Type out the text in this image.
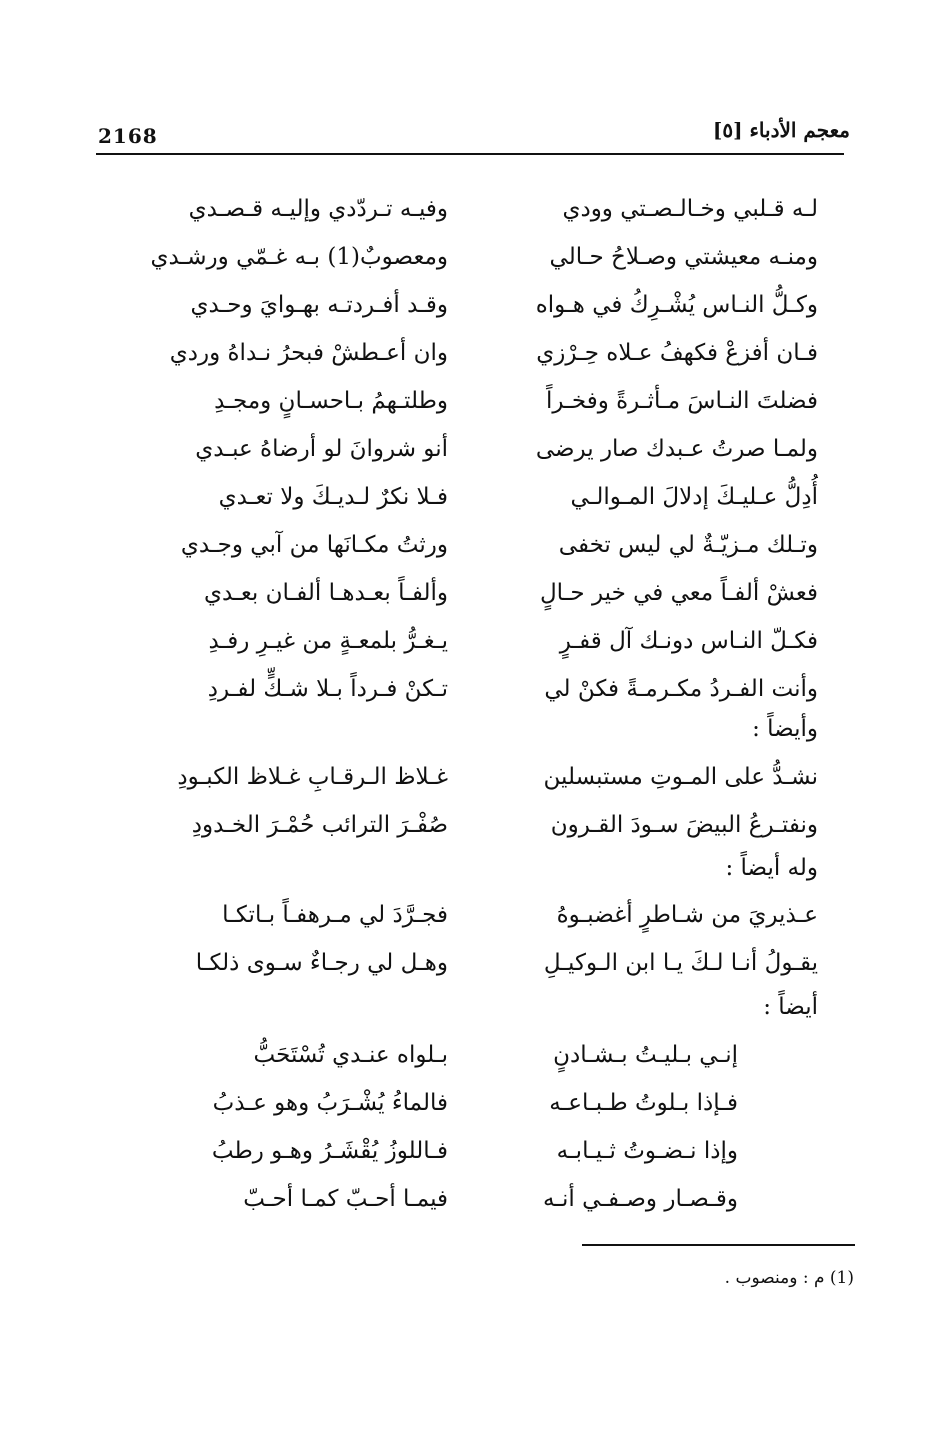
معجم الأدباء [٥]
2168
لـه قـلبي وخـالـصـتي وودي
وفيـه تـردّدي وإليـه قـصـدي
ومنـه معيشتي وصـلاحُ حـالي
ومعصوبٌ(1) بـه غـمّي ورشـدي
وكـلُّ النـاس يُشْـرِكُ في هـواه
وقـد أفـردتـه بهـوايَ وحـدي
فـان أفزعْ فكهفُ عـلاه حِـرْزي
وان أعـطشْ فبحرُ نـداهُ وردي
فضلتَ النـاسَ مـأثـرةً وفخـراً
وطلتـهمُ بـاحسـانٍ ومجـدِ
ولمـا صرتُ عـبدك صار يرضى
أنو شروانَ لو أرضاهُ عبـدي
أُدِلُّ عـليـكَ إدلالَ المـوالـي
فـلا نكرٌ لـديـكَ ولا تعـدي
وتـلك مـزيّـةٌ لي ليس تخفى
ورثتُ مكـانَها من آبي وجـدي
فعشْ ألفـاً معي في خير حـالٍ
وألفـاً بعـدهـا ألفـان بعـدي
فكـلّ النـاس دونـك آل قفـرٍ
يـغـرُّ بلمعـةٍ من غيـرِ رفـدِ
وأنت الفـردُ مكـرمـةً فكنْ لي
تـكنْ فـرداً بـلا شـكٍّ لفـردِ
وأيضاً :
نشـدُّ على المـوتِ مستبسلين
غـلاظ الـرقـابِ غـلاظ الكبـودِ
ونفتـرعُ البيضَ سـودَ القـرون
صُفْـرَ الترائب حُمْـرَ الخـدودِ
وله أيضاً :
عـذيريَ من شـاطرٍ أغضبـوهُ
فجـرَّدَ لي مـرهفـاً بـاتكـا
يقـولُ أنـا لـكَ يـا ابن الـوكيـلِ
وهـل لي رجـاءٌ سـوى ذلكـا
أيضاً :
إنـي بـليـتُ بـشـادنٍ
بـلواه عنـدي تُسْتَحَبُّ
فـإذا بـلوتُ طـبـاعـه
فالماءُ يُشْـرَبُ وهو عـذبُ
وإذا نـضـوتُ ثـيـابـه
فـاللوزُ يُقْشَـرُ وهـو رطبُ
وقـصـار وصـفـي أنـه
فيمـا أحـبّ كمـا أحـبّ
(1) م : ومنصوب .
